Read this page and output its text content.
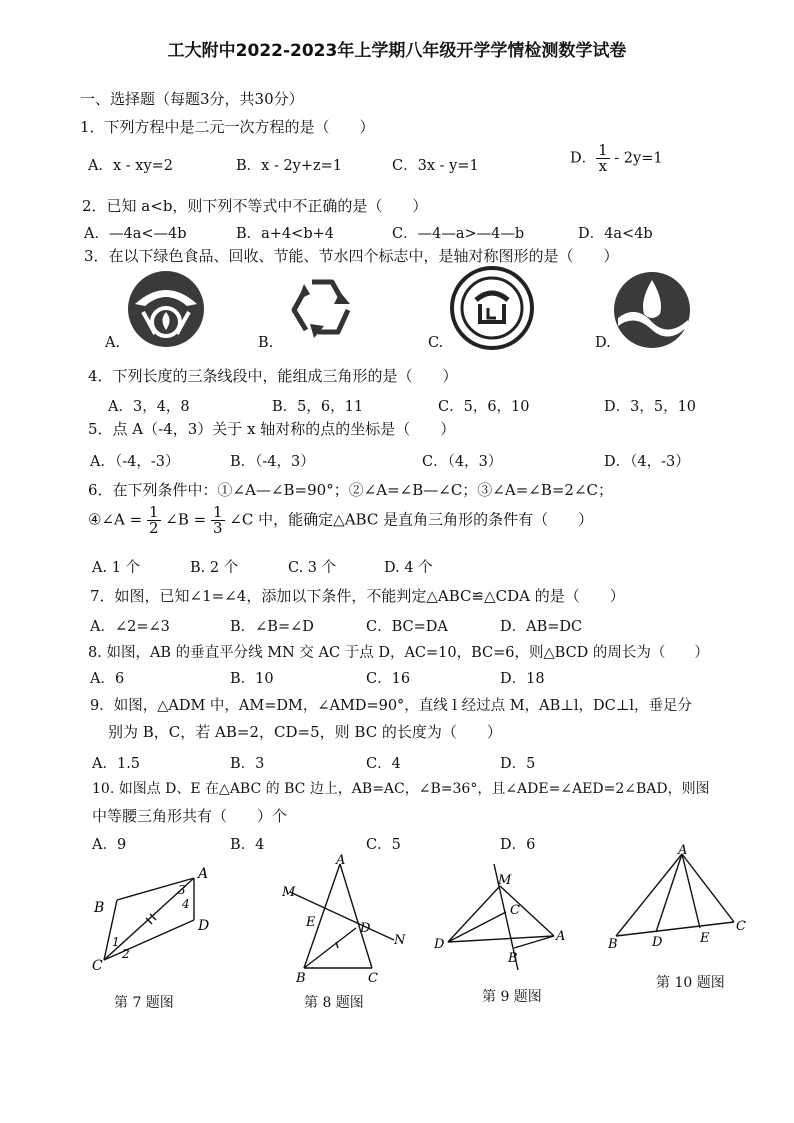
工大附中2022-2023年上学期八年级开学学情检测数学试卷
一、选择题（每题3分，共30分）
1．下列方程中是二元一次方程的是（　　）
A．x - xy=2	B．x - 2y+z=1	C．3x - y=1	D． $\frac{1}{x} - 2y=1$
2．已知 a<b，则下列不等式中不正确的是（　　）
A．—4a<—4b	B．a+4<b+4	C．—4—a>—4—b	D．4a<4b
3．在以下绿色食品、回收、节能、节水四个标志中，是轴对称图形的是（　　）
A.	B.	C.	D.
4．下列长度的三条线段中，能组成三角形的是（　　）
A．3，4，8	B．5，6，11	C．5，6，10	D．3，5，10
5．点 A（-4，3）关于 x 轴对称的点的坐标是（　　）
A．（-4，-3）	B．（-4，3）	C．（4，3）	D．（4，-3）
6．在下列条件中：①∠A—∠B=90°；②∠A=∠B—∠C；③∠A=∠B=2∠C；
④∠A = $\frac{1}{2}$ ∠B = $\frac{1}{3}$ ∠C 中，能确定△ABC 是直角三角形的条件有（　　）
A. 1 个	B. 2 个	C. 3 个	D. 4 个
7．如图，已知∠1=∠4，添加以下条件，不能判定△ABC≌△CDA 的是（　　）
A．∠2=∠3	B．∠B=∠D	C．BC=DA	D．AB=DC
8. 如图，AB 的垂直平分线 MN 交 AC 于点 D，AC=10，BC=6，则△BCD 的周长为（　　）
A．6	B．10	C．16	D．18
9．如图，△ADM 中，AM=DM，∠AMD=90°，直线 l 经过点 M，AB⊥l，DC⊥l，垂足分
别为 B，C，若 AB=2，CD=5，则 BC 的长度为（　　）
A．1.5	B．3	C．4	D．5
10. 如图点 D、E 在△ABC 的 BC 边上，AB=AC，∠B=36°，且∠ADE=∠AED=2∠BAD，则图
中等腰三角形共有（　　）个
A．9	B．4	C．5	D．6
A
B
C
D
1
2
3
4
第 7 题图
A
B	C
D
E
M
N
第 8 题图
M
C
D
A
B
第 9 题图
A
B	D	E
C
第 10 题图
